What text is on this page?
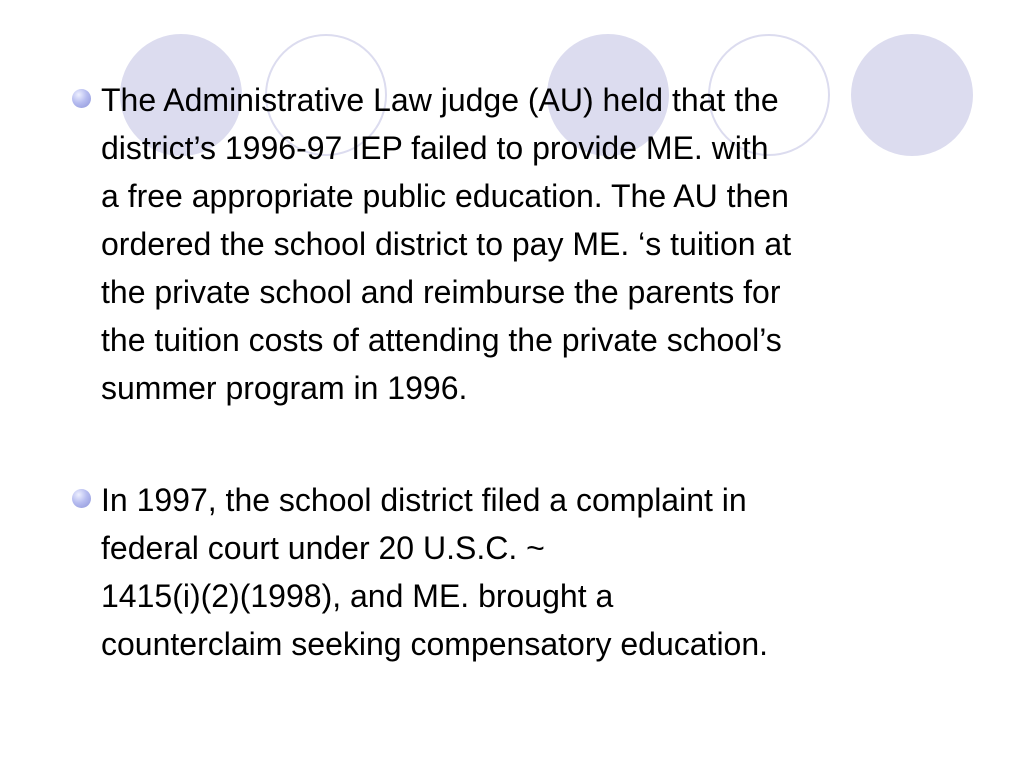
The Administrative Law judge (AU) held that the
district’s 1996-97 IEP failed to provide ME. with
a free appropriate public education. The AU then
ordered the school district to pay ME. ‘s tuition at
the private school and reimburse the parents for
the tuition costs of attending the private school’s
summer program in 1996.
In 1997, the school district filed a complaint in
federal court under 20 U.S.C. ~
1415(i)(2)(1998), and ME. brought a
counterclaim seeking compensatory education.
